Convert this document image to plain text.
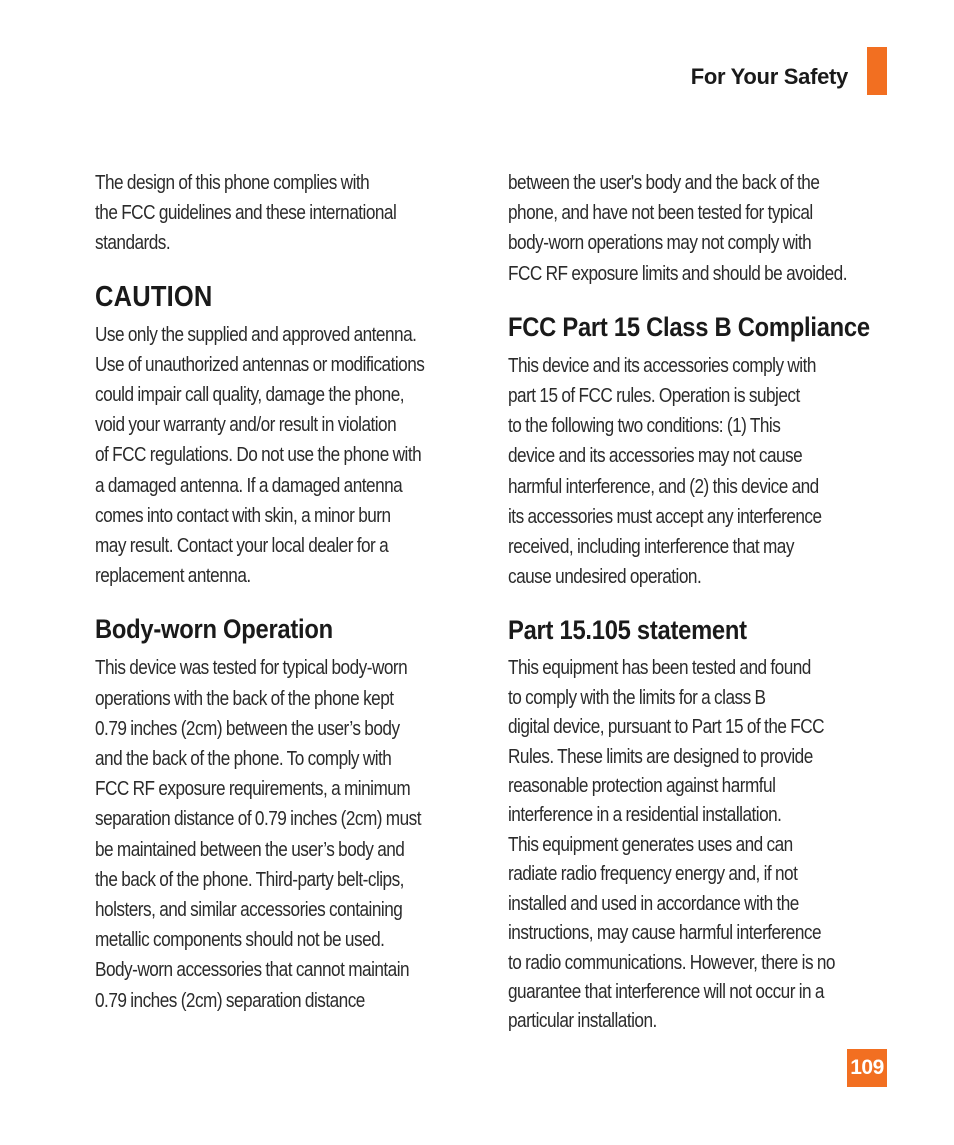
For Your Safety

The design of this phone complies with
the FCC guidelines and these international
standards.

CAUTION

Use only the supplied and approved antenna.
Use of unauthorized antennas or modifications
could impair call quality, damage the phone,
void your warranty and/or result in violation
of FCC regulations. Do not use the phone with
a damaged antenna. If a damaged antenna
comes into contact with skin, a minor burn
may result. Contact your local dealer for a
replacement antenna.

Body-worn Operation

This device was tested for typical body-worn
operations with the back of the phone kept
0.79 inches (2cm) between the user’s body
and the back of the phone. To comply with
FCC RF exposure requirements, a minimum
separation distance of 0.79 inches (2cm) must
be maintained between the user’s body and
the back of the phone. Third-party belt-clips,
holsters, and similar accessories containing
metallic components should not be used.
Body-worn accessories that cannot maintain
0.79 inches (2cm) separation distance

between the user's body and the back of the
phone, and have not been tested for typical
body-worn operations may not comply with
FCC RF exposure limits and should be avoided.

FCC Part 15 Class B Compliance

This device and its accessories comply with
part 15 of FCC rules. Operation is subject
to the following two conditions: (1) This
device and its accessories may not cause
harmful interference, and (2) this device and
its accessories must accept any interference
received, including interference that may
cause undesired operation.

Part 15.105 statement

This equipment has been tested and found
to comply with the limits for a class B
digital device, pursuant to Part 15 of the FCC
Rules. These limits are designed to provide
reasonable protection against harmful
interference in a residential installation.
This equipment generates uses and can
radiate radio frequency energy and, if not
installed and used in accordance with the
instructions, may cause harmful interference
to radio communications. However, there is no
guarantee that interference will not occur in a
particular installation.

109
